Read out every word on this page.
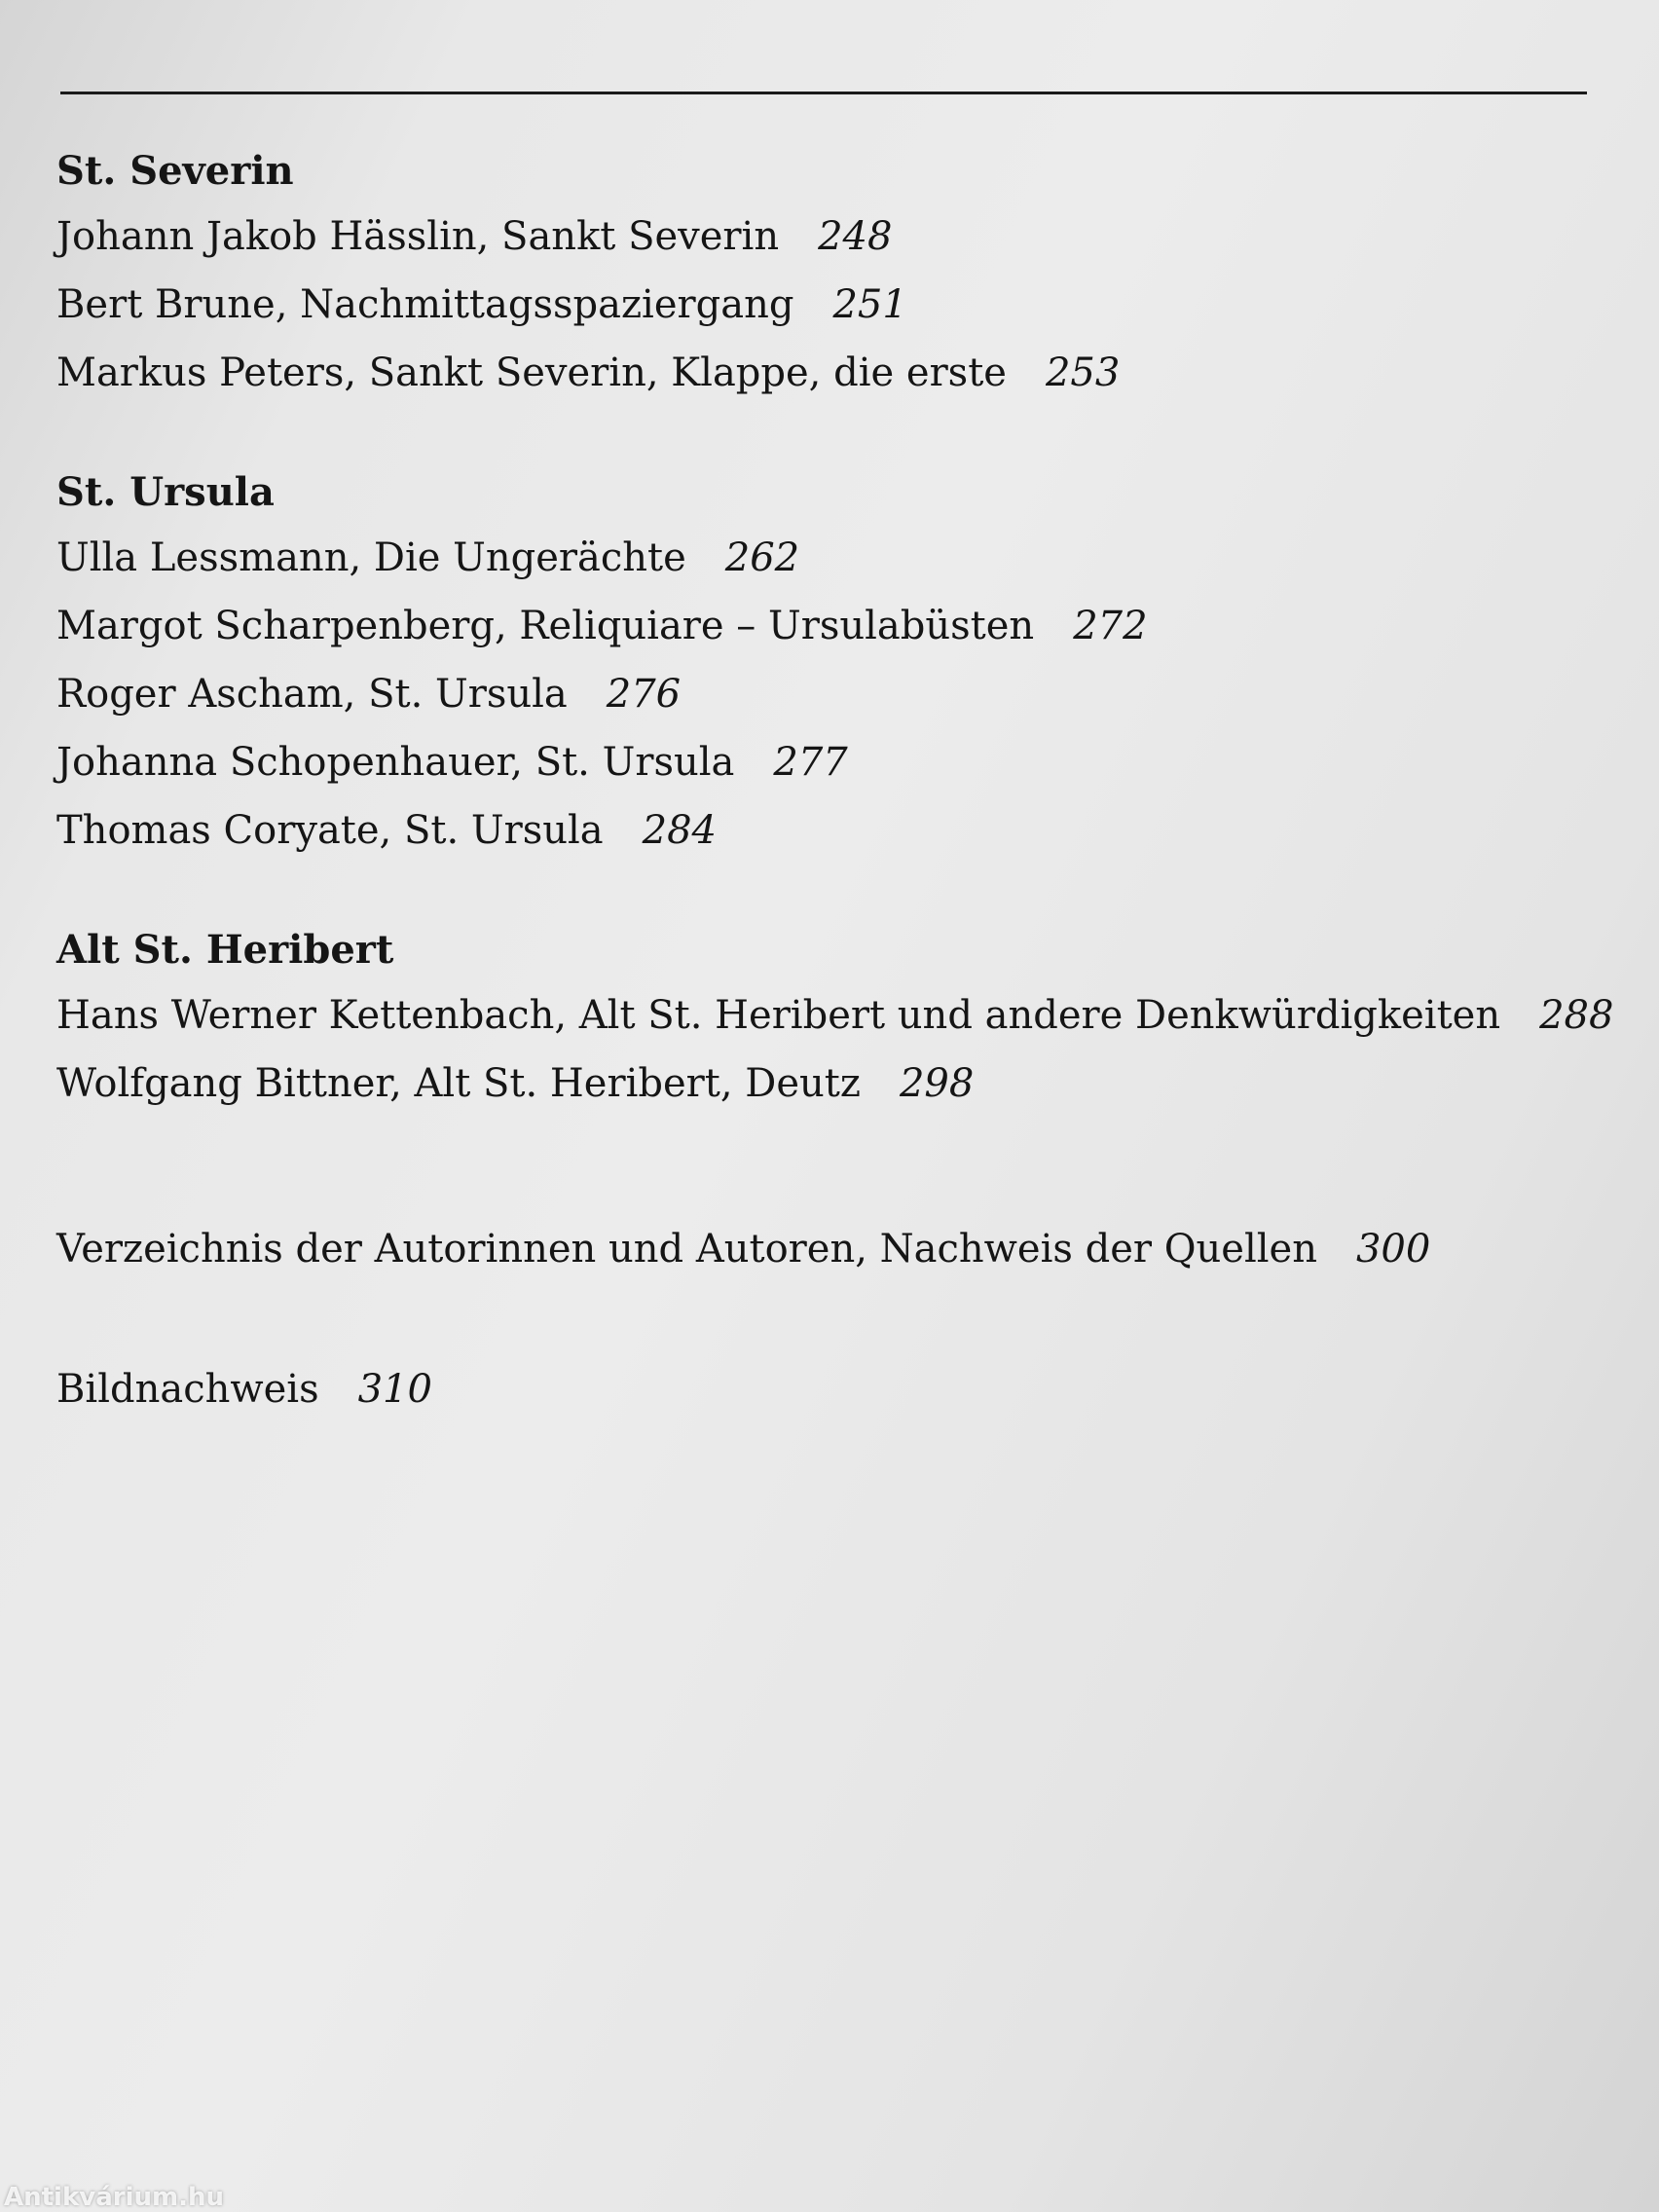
St. Severin
Johann Jakob Hässlin, Sankt Severin 248
Bert Brune, Nachmittagsspaziergang 251
Markus Peters, Sankt Severin, Klappe, die erste 253
St. Ursula
Ulla Lessmann, Die Ungerächte 262
Margot Scharpenberg, Reliquiare – Ursulabüsten 272
Roger Ascham, St. Ursula 276
Johanna Schopenhauer, St. Ursula 277
Thomas Coryate, St. Ursula 284
Alt St. Heribert
Hans Werner Kettenbach, Alt St. Heribert und andere Denkwürdigkeiten 288
Wolfgang Bittner, Alt St. Heribert, Deutz 298
Verzeichnis der Autorinnen und Autoren, Nachweis der Quellen 300
Bildnachweis 310
Antikvárium.hu
